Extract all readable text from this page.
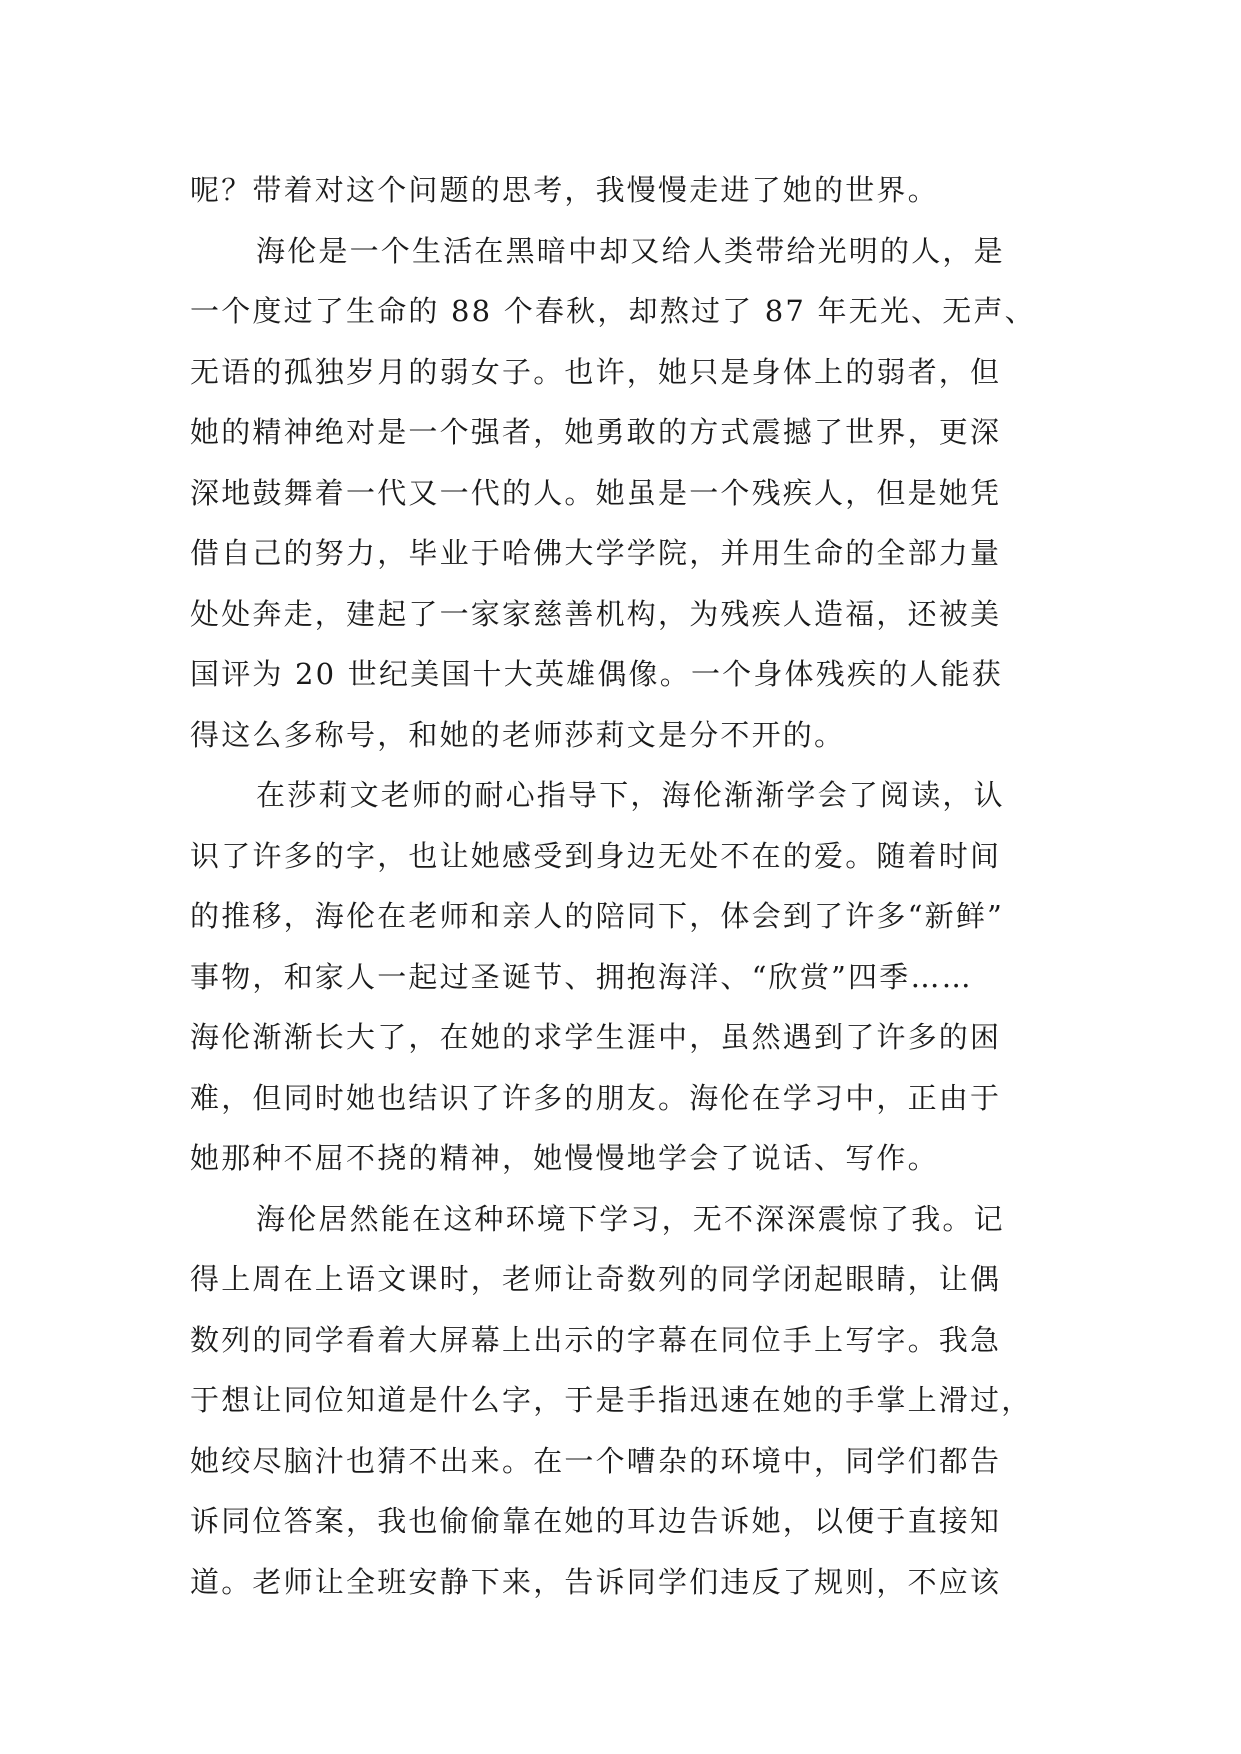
呢？带着对这个问题的思考，我慢慢走进了她的世界。
海伦是一个生活在黑暗中却又给人类带给光明的人，是
一个度过了生命的 88 个春秋，却熬过了 87 年无光、无声、
无语的孤独岁月的弱女子。也许，她只是身体上的弱者，但
她的精神绝对是一个强者，她勇敢的方式震撼了世界，更深
深地鼓舞着一代又一代的人。她虽是一个残疾人，但是她凭
借自己的努力，毕业于哈佛大学学院，并用生命的全部力量
处处奔走，建起了一家家慈善机构，为残疾人造福，还被美
国评为 20 世纪美国十大英雄偶像。一个身体残疾的人能获
得这么多称号，和她的老师莎莉文是分不开的。
在莎莉文老师的耐心指导下，海伦渐渐学会了阅读，认
识了许多的字，也让她感受到身边无处不在的爱。随着时间
的推移，海伦在老师和亲人的陪同下，体会到了许多“新鲜”
事物，和家人一起过圣诞节、拥抱海洋、“欣赏”四季……
海伦渐渐长大了，在她的求学生涯中，虽然遇到了许多的困
难，但同时她也结识了许多的朋友。海伦在学习中，正由于
她那种不屈不挠的精神，她慢慢地学会了说话、写作。
海伦居然能在这种环境下学习，无不深深震惊了我。记
得上周在上语文课时，老师让奇数列的同学闭起眼睛，让偶
数列的同学看着大屏幕上出示的字幕在同位手上写字。我急
于想让同位知道是什么字，于是手指迅速在她的手掌上滑过，
她绞尽脑汁也猜不出来。在一个嘈杂的环境中，同学们都告
诉同位答案，我也偷偷靠在她的耳边告诉她，以便于直接知
道。老师让全班安静下来，告诉同学们违反了规则，不应该
